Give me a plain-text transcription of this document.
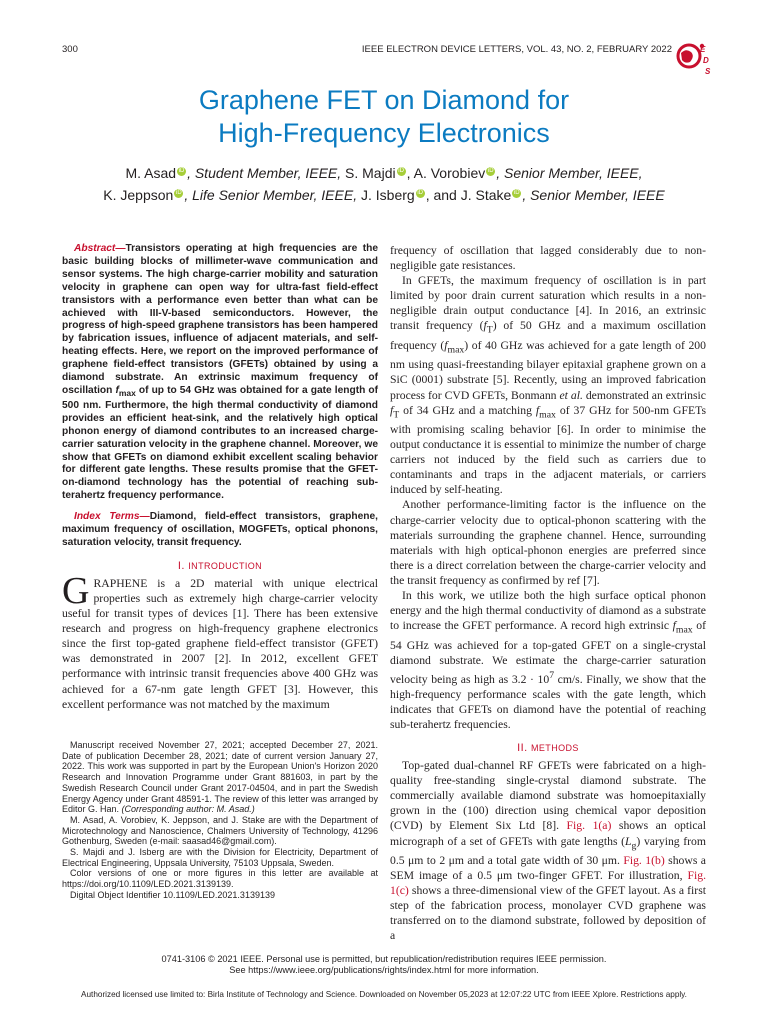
300	IEEE ELECTRON DEVICE LETTERS, VOL. 43, NO. 2, FEBRUARY 2022	E
D
S
Graphene FET on Diamond for
High-Frequency Electronics
M. Asad iD , Student Member, IEEE, S. Majdi iD , A. Vorobiev iD , Senior Member, IEEE,
K. Jeppson iD , Life Senior Member, IEEE, J. Isberg iD , and J. Stake iD , Senior Member, IEEE

Abstract—Transistors operating at high frequencies are the basic building blocks of millimeter-wave communication and sensor systems. The high charge-carrier mobility and saturation velocity in graphene can open way for ultra-fast field-effect transistors with a performance even better than what can be achieved with III-V-based semiconductors. However, the progress of high-speed graphene transistors has been hampered by fabrication issues, influence of adjacent materials, and self-heating effects. Here, we report on the improved performance of graphene field-effect transistors (GFETs) obtained by using a diamond substrate. An extrinsic maximum frequency of oscillation $f_{max}$ of up to 54 GHz was obtained for a gate length of 500 nm. Furthermore, the high thermal conductivity of diamond provides an efficient heat-sink, and the relatively high optical phonon energy of diamond contributes to an increased charge-carrier saturation velocity in the graphene channel. Moreover, we show that GFETs on diamond exhibit excellent scaling behavior for different gate lengths. These results promise that the GFET-on-diamond technology has the potential of reaching sub-terahertz frequency performance.

Index Terms—Diamond, field-effect transistors, graphene, maximum frequency of oscillation, MOGFETs, optical phonons, saturation velocity, transit frequency.

I. INTRODUCTION

GRAPHENE is a 2D material with unique electrical properties such as extremely high charge-carrier velocity useful for transit types of devices [1]. There has been extensive research and progress on high-frequency graphene electronics since the first top-gated graphene field-effect transistor (GFET) was demonstrated in 2007 [2]. In 2012, excellent GFET performance with intrinsic transit frequencies above 400 GHz was achieved for a 67-nm gate length GFET [3]. However, this excellent performance was not matched by the maximum

Manuscript received November 27, 2021; accepted December 27, 2021. Date of publication December 28, 2021; date of current version January 27, 2022. This work was supported in part by the European Union's Horizon 2020 Research and Innovation Programme under Grant 881603, in part by the Swedish Research Council under Grant 2017-04504, and in part the Swedish Energy Agency under Grant 48591-1. The review of this letter was arranged by Editor G. Han. (Corresponding author: M. Asad.)

M. Asad, A. Vorobiev, K. Jeppson, and J. Stake are with the Department of Microtechnology and Nanoscience, Chalmers University of Technology, 41296 Gothenburg, Sweden (e-mail: saasad46@gmail.com).

S. Majdi and J. Isberg are with the Division for Electricity, Department of Electrical Engineering, Uppsala University, 75103 Uppsala, Sweden.

Color versions of one or more figures in this letter are available at https://doi.org/10.1109/LED.2021.3139139.

Digital Object Identifier 10.1109/LED.2021.3139139

frequency of oscillation that lagged considerably due to non-negligible gate resistances.

In GFETs, the maximum frequency of oscillation is in part limited by poor drain current saturation which results in a non-negligible drain output conductance [4]. In 2016, an extrinsic transit frequency $(f_T)$ of 50 GHz and a maximum oscillation frequency $(f_{max})$ of 40 GHz was achieved for a gate length of 200 nm using quasi-freestanding bilayer epitaxial graphene grown on a SiC (0001) substrate [5]. Recently, using an improved fabrication process for CVD GFETs, Bonmann et al. demonstrated an extrinsic $f_T$ of 34 GHz and a matching $f_{max}$ of 37 GHz for 500-nm GFETs with promising scaling behavior [6]. In order to minimise the output conductance it is essential to minimize the number of charge carriers not induced by the field such as carriers due to contaminants and traps in the adjacent materials, or carriers induced by self-heating.

Another performance-limiting factor is the influence on the charge-carrier velocity due to optical-phonon scattering with the materials surrounding the graphene channel. Hence, surrounding materials with high optical-phonon energies are preferred since there is a direct correlation between the charge-carrier velocity and the transit frequency as confirmed by ref [7].

In this work, we utilize both the high surface optical phonon energy and the high thermal conductivity of diamond as a substrate to increase the GFET performance. A record high extrinsic $f_{max}$ of 54 GHz was achieved for a top-gated GFET on a single-crystal diamond substrate. We estimate the charge-carrier saturation velocity being as high as $3.2 \cdot 10^7$ cm/s. Finally, we show that the high-frequency performance scales with the gate length, which indicates that GFETs on diamond have the potential of reaching sub-terahertz frequencies.

II. METHODS

Top-gated dual-channel RF GFETs were fabricated on a high-quality free-standing single-crystal diamond substrate. The commercially available diamond substrate was homoepitaxially grown in the (100) direction using chemical vapor deposition (CVD) by Element Six Ltd [8]. Fig. 1(a) shows an optical micrograph of a set of GFETs with gate lengths $(L_g)$ varying from 0.5 μm to 2 μm and a total gate width of 30 μm. Fig. 1(b) shows a SEM image of a 0.5 μm two-finger GFET. For illustration, Fig. 1(c) shows a three-dimensional view of the GFET layout. As a first step of the fabrication process, monolayer CVD graphene was transferred on to the diamond substrate, followed by deposition of a

0741-3106 © 2021 IEEE. Personal use is permitted, but republication/redistribution requires IEEE permission.
See https://www.ieee.org/publications/rights/index.html for more information.
Authorized licensed use limited to: Birla Institute of Technology and Science. Downloaded on November 05,2023 at 12:07:22 UTC from IEEE Xplore. Restrictions apply.
